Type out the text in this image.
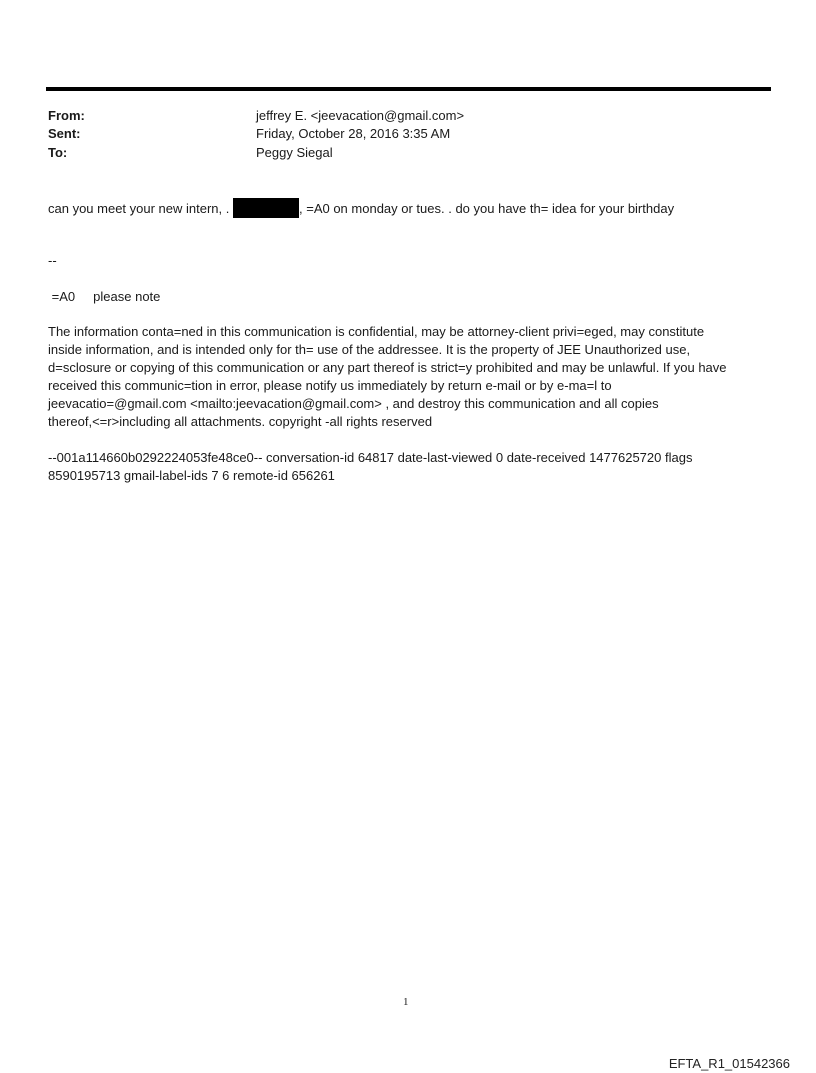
From:	jeffrey E. <jeevacation@gmail.com>
Sent:	Friday, October 28, 2016 3:35 AM
To:	Peggy Siegal
can you meet your new intern, .	, =A0 on monday or tues. . do you have th= idea for your birthday
--
=A0     please note
The information conta=ned in this communication is confidential, may be attorney-client privi=eged, may constitute
inside information, and is intended only for th= use of the addressee. It is the property of JEE Unauthorized use,
d=sclosure or copying of this communication or any part thereof is strict=y prohibited and may be unlawful. If you have
received this communic=tion in error, please notify us immediately by return e-mail or by e-ma=l to
jeevacatio=@gmail.com <mailto:jeevacation@gmail.com> , and destroy this communication and all copies
thereof,<=r>including all attachments. copyright -all rights reserved
--001a114660b0292224053fe48ce0-- conversation-id 64817 date-last-viewed 0 date-received 1477625720 flags
8590195713 gmail-label-ids 7 6 remote-id 656261
1
EFTA_R1_01542366
